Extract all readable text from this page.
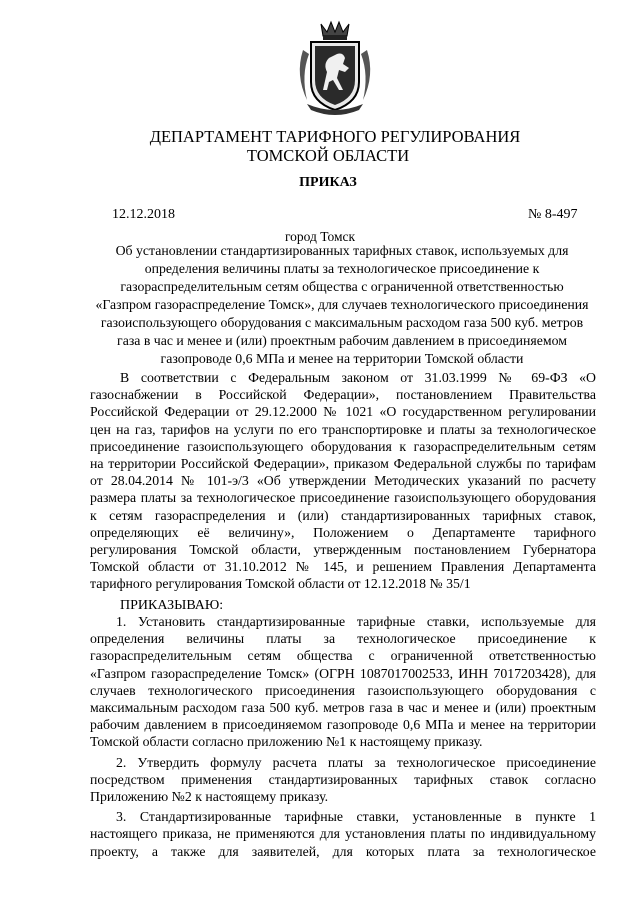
ДЕПАРТАМЕНТ ТАРИФНОГО РЕГУЛИРОВАНИЯ
ТОМСКОЙ ОБЛАСТИ
ПРИКАЗ
12.12.2018	№ 8-497
город Томск
Об установлении стандартизированных тарифных ставок, используемых для
определения величины платы за технологическое присоединение к
газораспределительным сетям общества с ограниченной ответственностью
«Газпром газораспределение Томск», для случаев технологического присоединения
газоиспользующего оборудования с максимальным расходом газа 500 куб. метров
газа в час и менее и (или) проектным рабочим давлением в присоединяемом
газопроводе 0,6 МПа и менее на территории Томской области
В соответствии с Федеральным законом от 31.03.1999 № 69-ФЗ «О
газоснабжении в Российской Федерации», постановлением Правительства
Российской Федерации от 29.12.2000 № 1021 «О государственном регулировании
цен на газ, тарифов на услуги по его транспортировке и платы за технологическое
присоединение газоиспользующего оборудования к газораспределительным сетям
на территории Российской Федерации», приказом Федеральной службы по тарифам
от 28.04.2014 № 101-э/3 «Об утверждении Методических указаний по расчету
размера платы за технологическое присоединение газоиспользующего оборудования
к сетям газораспределения и (или) стандартизированных тарифных ставок,
определяющих её величину», Положением о Департаменте тарифного
регулирования Томской области, утвержденным постановлением Губернатора
Томской области от 31.10.2012 № 145, и решением Правления Департамента
тарифного регулирования Томской области от 12.12.2018 № 35/1
ПРИКАЗЫВАЮ:
1. Установить стандартизированные тарифные ставки, используемые для
определения величины платы за технологическое присоединение к
газораспределительным сетям общества с ограниченной ответственностью
«Газпром газораспределение Томск» (ОГРН 1087017002533, ИНН 7017203428), для
случаев технологического присоединения газоиспользующего оборудования с
максимальным расходом газа 500 куб. метров газа в час и менее и (или) проектным
рабочим давлением в присоединяемом газопроводе 0,6 МПа и менее на территории
Томской области согласно приложению №1 к настоящему приказу.
2. Утвердить формулу расчета платы за технологическое присоединение
посредством применения стандартизированных тарифных ставок согласно
Приложению №2 к настоящему приказу.
3. Стандартизированные тарифные ставки, установленные в пункте 1
настоящего приказа, не применяются для установления платы по индивидуальному
проекту, а также для заявителей, для которых плата за технологическое
